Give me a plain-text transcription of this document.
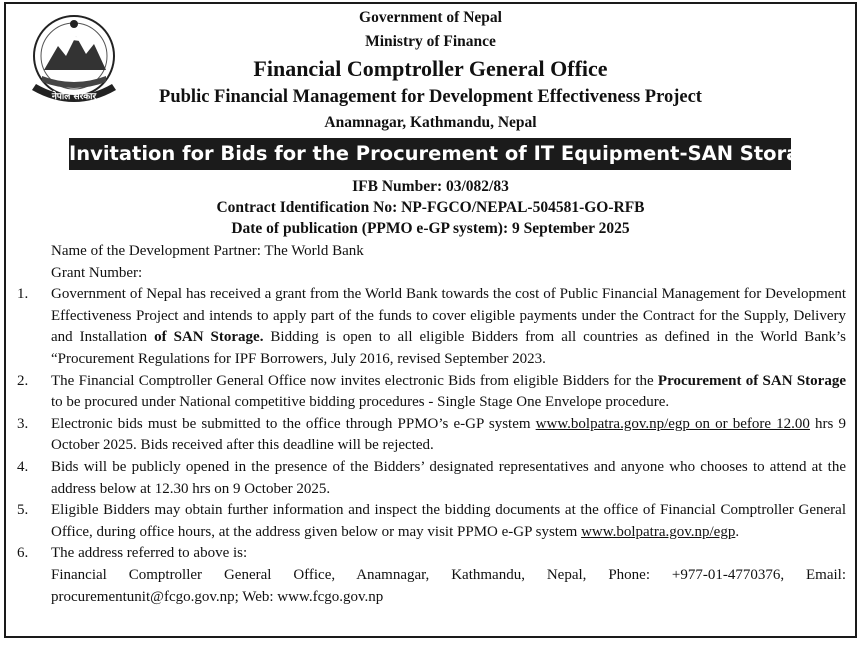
नेपाल सरकार
Government of Nepal
Ministry of Finance
Financial Comptroller General Office
Public Financial Management for Development Effectiveness Project
Anamnagar, Kathmandu, Nepal
Invitation for Bids for the Procurement of IT Equipment-SAN Storage
IFB Number: 03/082/83
Contract Identification No: NP-FGCO/NEPAL-504581-GO-RFB
Date of publication (PPMO e-GP system): 9 September 2025
Name of the Development Partner: The World Bank
Grant Number:
1. Government of Nepal has received a grant from the World Bank towards the cost of Public Financial Management for Development Effectiveness Project and intends to apply part of the funds to cover eligible payments under the Contract for the Supply, Delivery and Installation of SAN Storage. Bidding is open to all eligible Bidders from all countries as defined in the World Bank’s “Procurement Regulations for IPF Borrowers, July 2016, revised September 2023.
2. The Financial Comptroller General Office now invites electronic Bids from eligible Bidders for the Procurement of SAN Storage to be procured under National competitive bidding procedures - Single Stage One Envelope procedure.
3. Electronic bids must be submitted to the office through PPMO’s e-GP system www.bolpatra.gov.np/egp on or before 12.00 hrs 9 October 2025. Bids received after this deadline will be rejected.
4. Bids will be publicly opened in the presence of the Bidders’ designated representatives and anyone who chooses to attend at the address below at 12.30 hrs on 9 October 2025.
5. Eligible Bidders may obtain further information and inspect the bidding documents at the office of Financial Comptroller General Office, during office hours, at the address given below or may visit PPMO e-GP system www.bolpatra.gov.np/egp.
6. The address referred to above is:
Financial Comptroller General Office, Anamnagar, Kathmandu, Nepal, Phone: +977-01-4770376, Email: procurementunit@fcgo.gov.np; Web: www.fcgo.gov.np
